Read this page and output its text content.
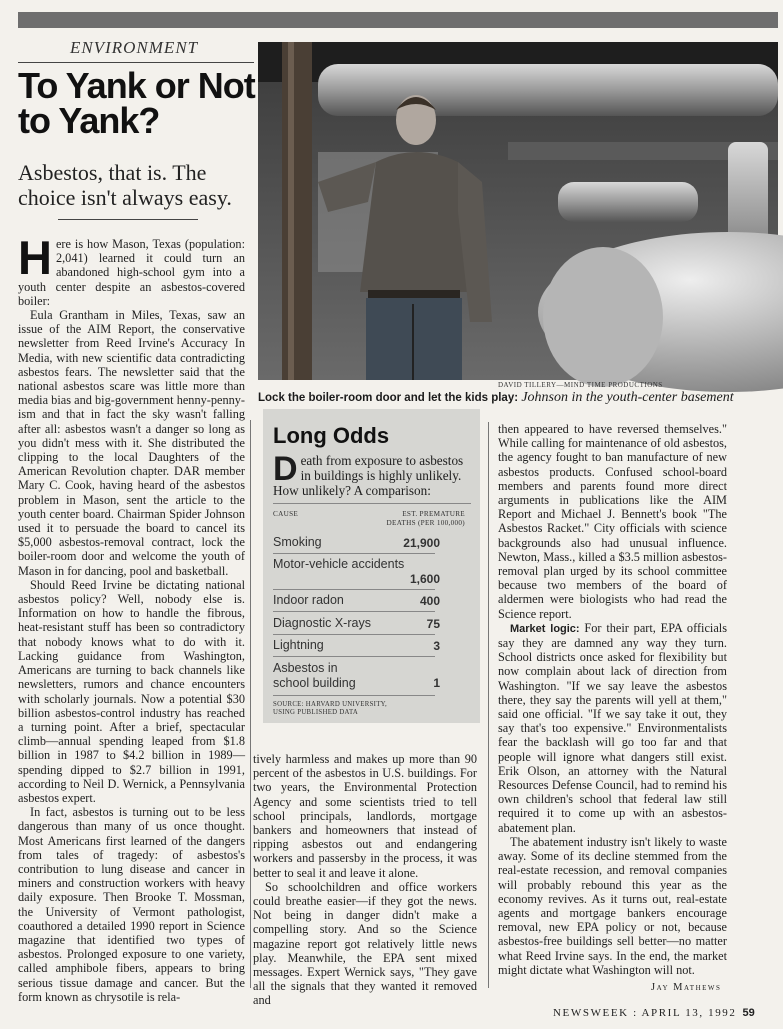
ENVIRONMENT
To Yank or Not to Yank?
Asbestos, that is. The choice isn't always easy.

Here is how Mason, Texas (population: 2,041) learned it could turn an abandoned high-school gym into a youth center despite an asbestos-covered boiler:

Eula Grantham in Miles, Texas, saw an issue of the AIM Report, the conservative newsletter from Reed Irvine's Accuracy In Media, with new scientific data contradicting asbestos fears. The newsletter said that the national asbestos scare was little more than media bias and big-government henny-penny-ism and that in fact the sky wasn't falling after all: asbestos wasn't a danger so long as you didn't mess with it. She distributed the clipping to the local Daughters of the American Revolution chapter. DAR member Mary C. Cook, having heard of the asbestos problem in Mason, sent the article to the youth center board. Chairman Spider Johnson used it to persuade the board to cancel its $5,000 asbestos-removal contract, lock the boiler-room door and welcome the youth of Mason in for dancing, pool and basketball.

Should Reed Irvine be dictating national asbestos policy? Well, nobody else is. Information on how to handle the fibrous, heat-resistant stuff has been so contradictory that nobody knows what to do with it. Lacking guidance from Washington, Americans are turning to back channels like newsletters, rumors and chance encounters with scholarly journals. Now a potential $30 billion asbestos-control industry has reached a turning point. After a brief, spectacular climb—annual spending leaped from $1.8 billion in 1987 to $4.2 billion in 1989—spending dipped to $2.7 billion in 1991, according to Neil D. Wernick, a Pennsylvania asbestos expert.

In fact, asbestos is turning out to be less dangerous than many of us once thought. Most Americans first learned of the dangers from tales of tragedy: of asbestos's contribution to lung disease and cancer in miners and construction workers with heavy daily exposure. Then Brooke T. Mossman, the University of Vermont pathologist, coauthored a detailed 1990 report in Science magazine that identified two types of asbestos. Prolonged exposure to one variety, called amphibole fibers, appears to bring serious tissue damage and cancer. But the form known as chrysotile is rela-

DAVID TILLERY—MIND TIME PRODUCTIONS
Lock the boiler-room door and let the kids play: Johnson in the youth-center basement
Long Odds
Death from exposure to asbestos in buildings is highly unlikely. How unlikely? A comparison:
CAUSE	EST. PREMATURE
DEATHS (PER 100,000)
Smoking	21,900
Motor-vehicle accidents
1,600
Indoor radon	400
Diagnostic X-rays	75
Lightning	3
Asbestos in school building	1
SOURCE: HARVARD UNIVERSITY,
USING PUBLISHED DATA

tively harmless and makes up more than 90 percent of the asbestos in U.S. buildings. For two years, the Environmental Protection Agency and some scientists tried to tell school principals, landlords, mortgage bankers and homeowners that instead of ripping asbestos out and endangering workers and passersby in the process, it was better to seal it and leave it alone.

So schoolchildren and office workers could breathe easier—if they got the news. Not being in danger didn't make a compelling story. And so the Science magazine report got relatively little news play. Meanwhile, the EPA sent mixed messages. Expert Wernick says, "They gave all the signals that they wanted it removed and

then appeared to have reversed themselves." While calling for maintenance of old asbestos, the agency fought to ban manufacture of new asbestos products. Confused school-board members and parents found more direct arguments in publications like the AIM Report and Michael J. Bennett's book "The Asbestos Racket." City officials with science backgrounds also had unusual influence. Newton, Mass., killed a $3.5 million asbestos-removal plan urged by its school committee because two members of the board of aldermen were biologists who had read the Science report.

Market logic: For their part, EPA officials say they are damned any way they turn. School districts once asked for flexibility but now complain about lack of direction from Washington. "If we say leave the asbestos there, they say the parents will yell at them," said one official. "If we say take it out, they say that's too expensive." Environmentalists fear the backlash will go too far and that people will ignore what dangers still exist. Erik Olson, an attorney with the Natural Resources Defense Council, had to remind his own children's school that federal law still required it to come up with an asbestos-abatement plan.

The abatement industry isn't likely to waste away. Some of its decline stemmed from the real-estate recession, and removal companies will probably rebound this year as the economy revives. As it turns out, real-estate agents and mortgage bankers encourage removal, new EPA policy or not, because asbestos-free buildings sell better—no matter what Reed Irvine says. In the end, the market might dictate what Washington will not.

Jay Mathews
NEWSWEEK : APRIL 13, 1992 59
